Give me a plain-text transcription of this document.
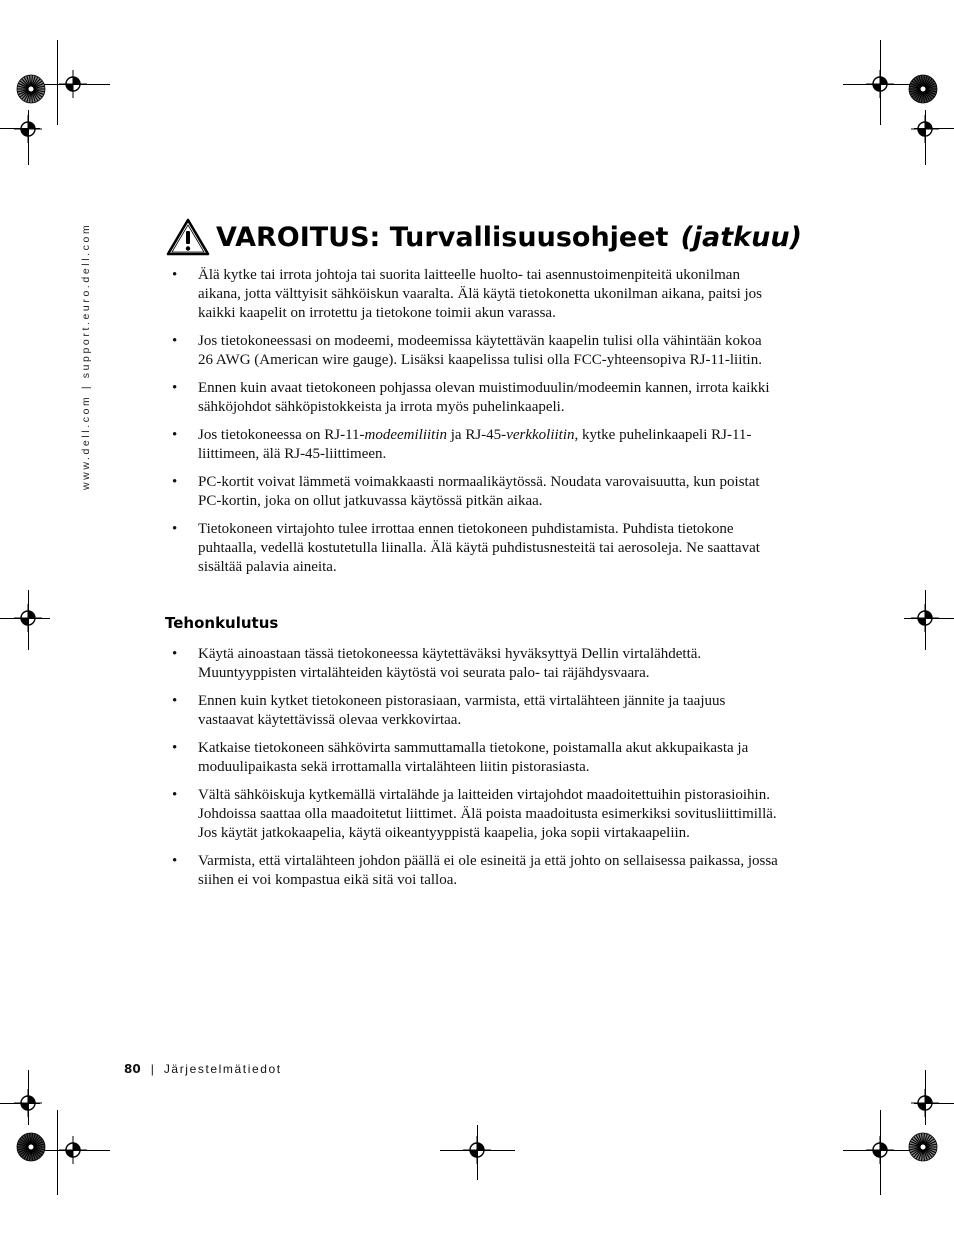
www.dell.com | support.euro.dell.com	VAROITUS: Turvallisuusohjeet (jatkuu)
• Älä kytke tai irrota johtoja tai suorita laitteelle huolto- tai asennustoimenpiteitä ukonilman aikana, jotta välttyisit sähköiskun vaaralta. Älä käytä tietokonetta ukonilman aikana, paitsi jos kaikki kaapelit on irrotettu ja tietokone toimii akun varassa.
• Jos tietokoneessasi on modeemi, modeemissa käytettävän kaapelin tulisi olla vähintään kokoa 26 AWG (American wire gauge). Lisäksi kaapelissa tulisi olla FCC-yhteensopiva RJ-11-liitin.
• Ennen kuin avaat tietokoneen pohjassa olevan muistimoduulin/modeemin kannen, irrota kaikki sähköjohdot sähköpistokkeista ja irrota myös puhelinkaapeli.
• Jos tietokoneessa on RJ-11-modeemiliitin ja RJ-45-verkkoliitin, kytke puhelinkaapeli RJ-11-liittimeen, älä RJ-45-liittimeen.
• PC-kortit voivat lämmetä voimakkaasti normaalikäytössä. Noudata varovaisuutta, kun poistat PC-kortin, joka on ollut jatkuvassa käytössä pitkän aikaa.
• Tietokoneen virtajohto tulee irrottaa ennen tietokoneen puhdistamista. Puhdista tietokone puhtaalla, vedellä kostutetulla liinalla. Älä käytä puhdistusnesteitä tai aerosoleja. Ne saattavat sisältää palavia aineita.
Tehonkulutus
• Käytä ainoastaan tässä tietokoneessa käytettäväksi hyväksyttyä Dellin virtalähdettä. Muuntyyppisten virtalähteiden käytöstä voi seurata palo- tai räjähdysvaara.
• Ennen kuin kytket tietokoneen pistorasiaan, varmista, että virtalähteen jännite ja taajuus vastaavat käytettävissä olevaa verkkovirtaa.
• Katkaise tietokoneen sähkövirta sammuttamalla tietokone, poistamalla akut akkupaikasta ja moduulipaikasta sekä irrottamalla virtalähteen liitin pistorasiasta.
• Vältä sähköiskuja kytkemällä virtalähde ja laitteiden virtajohdot maadoitettuihin pistorasioihin. Johdoissa saattaa olla maadoitetut liittimet. Älä poista maadoitusta esimerkiksi sovitusliittimillä. Jos käytät jatkokaapelia, käytä oikeantyyppistä kaapelia, joka sopii virtakaapeliin.
• Varmista, että virtalähteen johdon päällä ei ole esineitä ja että johto on sellaisessa paikassa, jossa siihen ei voi kompastua eikä sitä voi talloa.
80 | Järjestelmätiedot
